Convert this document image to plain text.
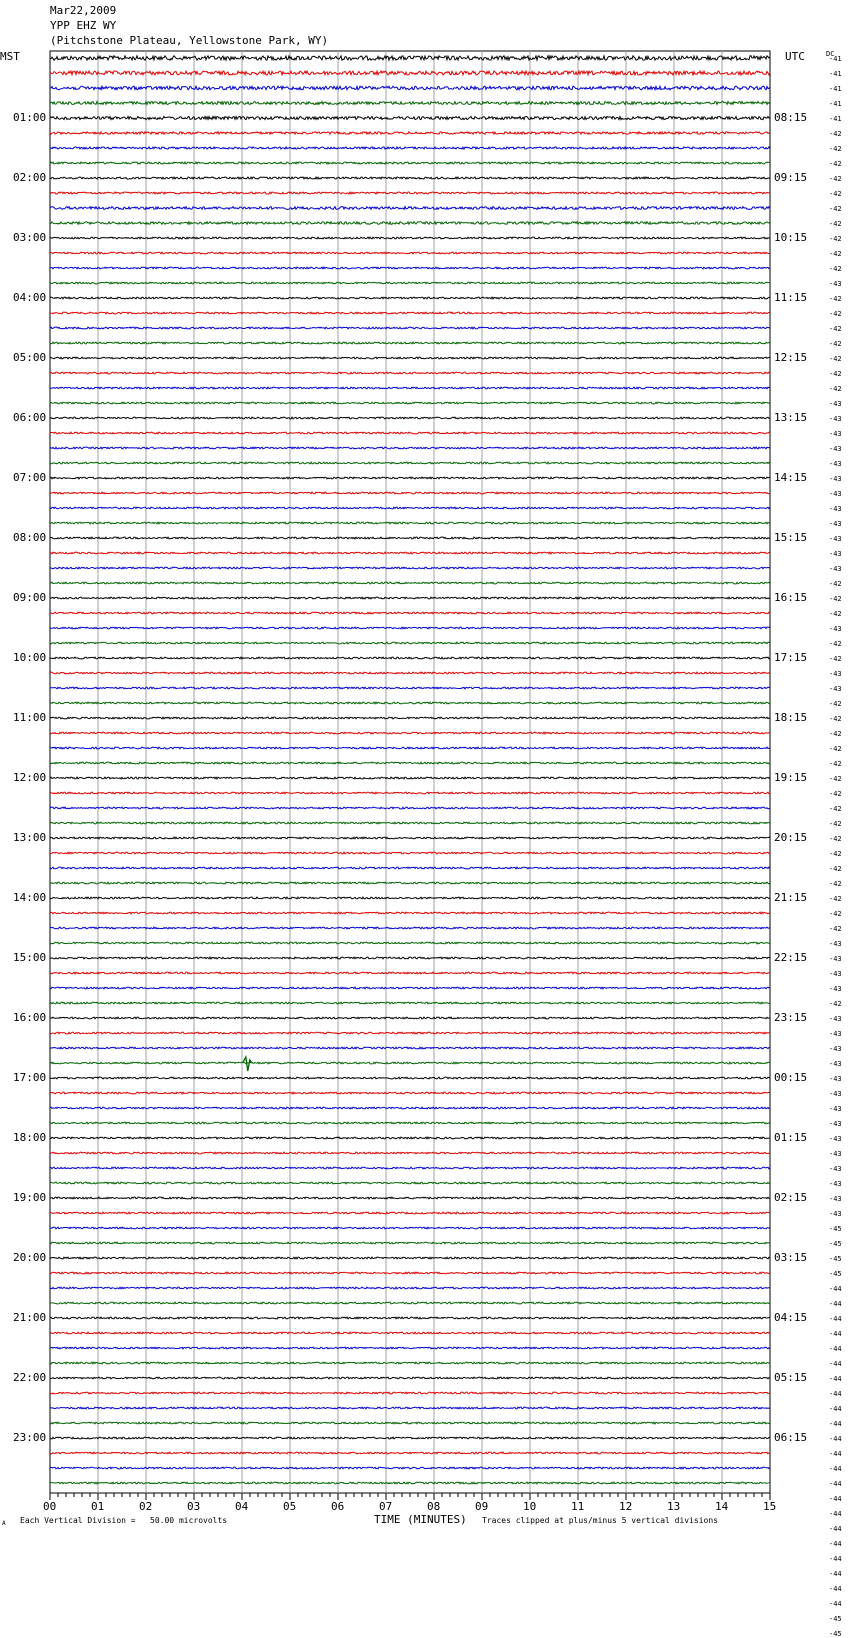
Mar22,2009
YPP EHZ WY
(Pitchstone Plateau, Yellowstone Park, WY)
MST	UTC	DC
01:00
02:00
03:00
04:00
05:00
06:00
07:00
08:00
09:00
10:00
11:00
12:00
13:00
14:00
15:00
16:00
17:00
18:00
19:00
20:00
21:00
22:00
23:00
08:15
09:15
10:15
11:15
12:15
13:15
14:15
15:15
16:15
17:15
18:15
19:15
20:15
21:15
22:15
23:15
00:15
01:15
02:15
03:15
04:15
05:15
06:15
-41
-41
-41
-41
-41
-42
-42
-42
-42
-42
-42
-42
-42
-42
-42
-43
-42
-42
-42
-42
-42
-42
-42
-43
-43
-43
-43
-43
-43
-43
-43
-43
-43
-43
-43
-42
-42
-42
-43
-42
-42
-43
-43
-42
-42
-42
-42
-42
-42
-42
-42
-42
-42
-42
-42
-42
-42
-42
-42
-43
-43
-43
-43
-42
-43
-43
-43
-43
-43
-43
-43
-43
-43
-43
-43
-43
-43
-43
-45
-45
-45
-45
-44
-44
-44
-44
-44
-44
-44
-44
-44
-44
-44
-44
-44
-44
-44
-44
-44
-44
-44
-44
-44
-44
-45
-45
00	01	02	03	04	05	06	07	08	09	10	11	12	13	14	15
A Each Vertical Division =   50.00 microvolts	TIME (MINUTES) Traces clipped at plus/minus 5 vertical divisions
